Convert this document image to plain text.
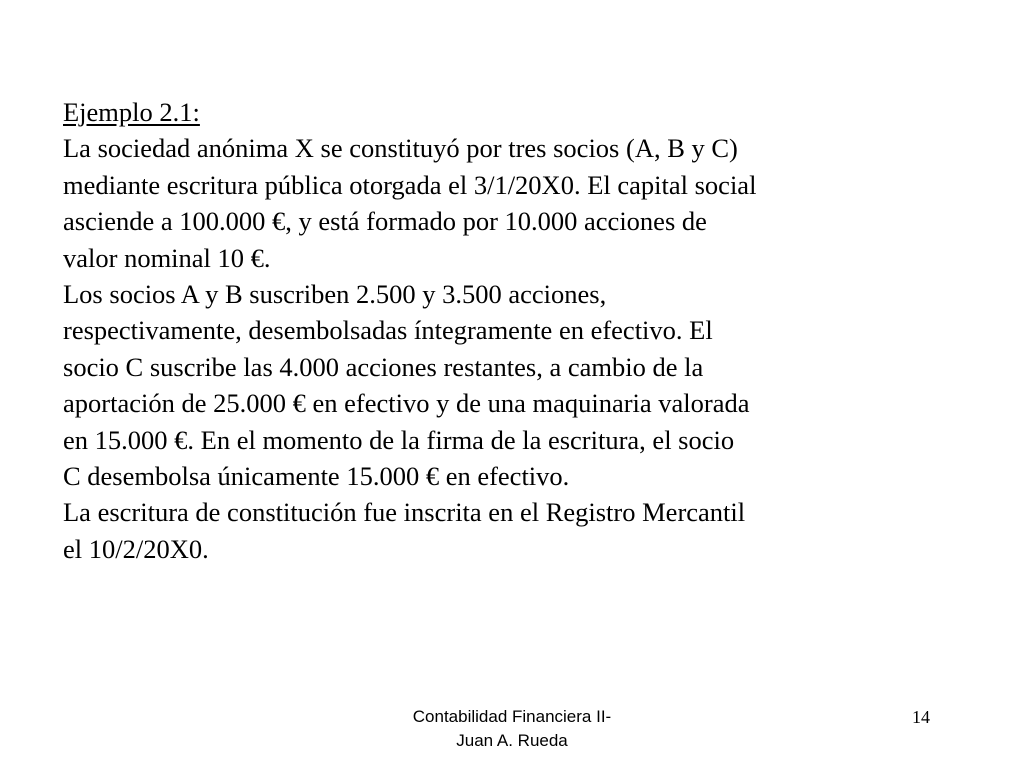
Ejemplo 2.1:
La sociedad anónima X se constituyó por tres socios (A, B y C)
mediante escritura pública otorgada el 3/1/20X0. El capital social
asciende a 100.000 €, y está formado por 10.000 acciones de
valor nominal 10 €.
Los socios A y B suscriben 2.500 y 3.500 acciones,
respectivamente, desembolsadas íntegramente en efectivo. El
socio C suscribe las 4.000 acciones restantes, a cambio de la
aportación de 25.000 € en efectivo y de una maquinaria valorada
en 15.000 €. En el momento de la firma de la escritura, el socio
C desembolsa únicamente 15.000 € en efectivo.
La escritura de constitución fue inscrita en el Registro Mercantil
el 10/2/20X0.
Contabilidad Financiera II-
Juan A. Rueda
14
